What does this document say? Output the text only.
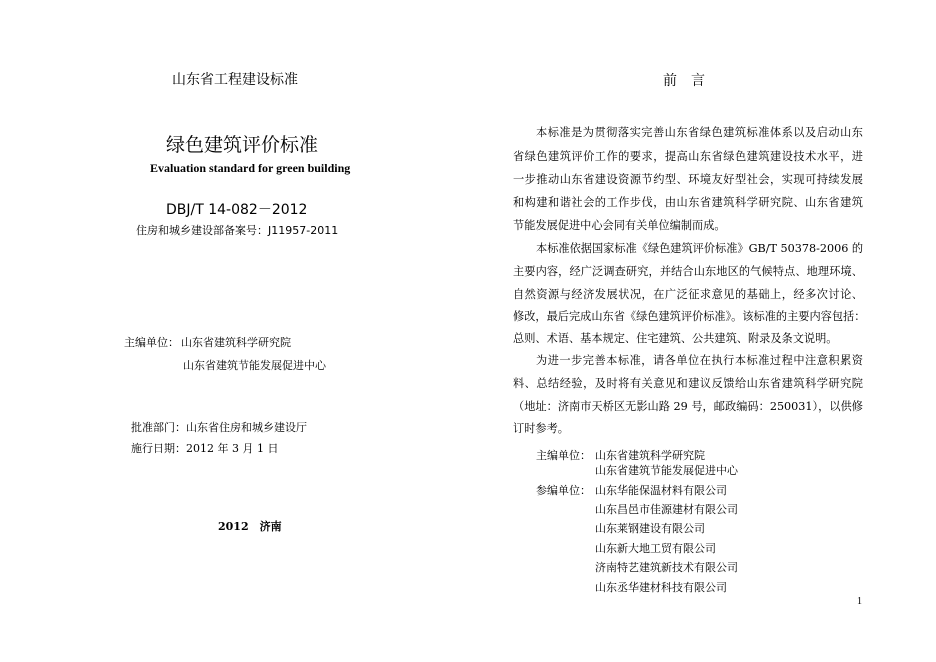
山东省工程建设标准
绿色建筑评价标准
Evaluation standard for green building
DBJ/T 14-082－2012
住房和城乡建设部备案号：J11957-2011
主编单位： 山东省建筑科学研究院
山东省建筑节能发展促进中心
批准部门：山东省住房和城乡建设厅
施行日期：2012 年 3 月 1 日
2012　济南
前　言
本标准是为贯彻落实完善山东省绿色建筑标准体系以及启动山东
省绿色建筑评价工作的要求，提高山东省绿色建筑建设技术水平，进
一步推动山东省建设资源节约型、环境友好型社会，实现可持续发展
和构建和谐社会的工作步伐，由山东省建筑科学研究院、山东省建筑
节能发展促进中心会同有关单位编制而成。
本标准依据国家标准《绿色建筑评价标准》GB/T 50378-2006 的
主要内容，经广泛调查研究，并结合山东地区的气候特点、地理环境、
自然资源与经济发展状况，在广泛征求意见的基础上，经多次讨论、
修改，最后完成山东省《绿色建筑评价标准》。该标准的主要内容包括：
总则、术语、基本规定、住宅建筑、公共建筑、附录及条文说明。
为进一步完善本标准，请各单位在执行本标准过程中注意积累资
料、总结经验，及时将有关意见和建议反馈给山东省建筑科学研究院
（地址：济南市天桥区无影山路 29 号，邮政编码：250031），以供修
订时参考。
主编单位： 山东省建筑科学研究院
山东省建筑节能发展促进中心
参编单位： 山东华能保温材料有限公司
山东昌邑市佳源建材有限公司
山东莱钢建设有限公司
山东新大地工贸有限公司
济南特艺建筑新技术有限公司
山东丞华建材科技有限公司
1
